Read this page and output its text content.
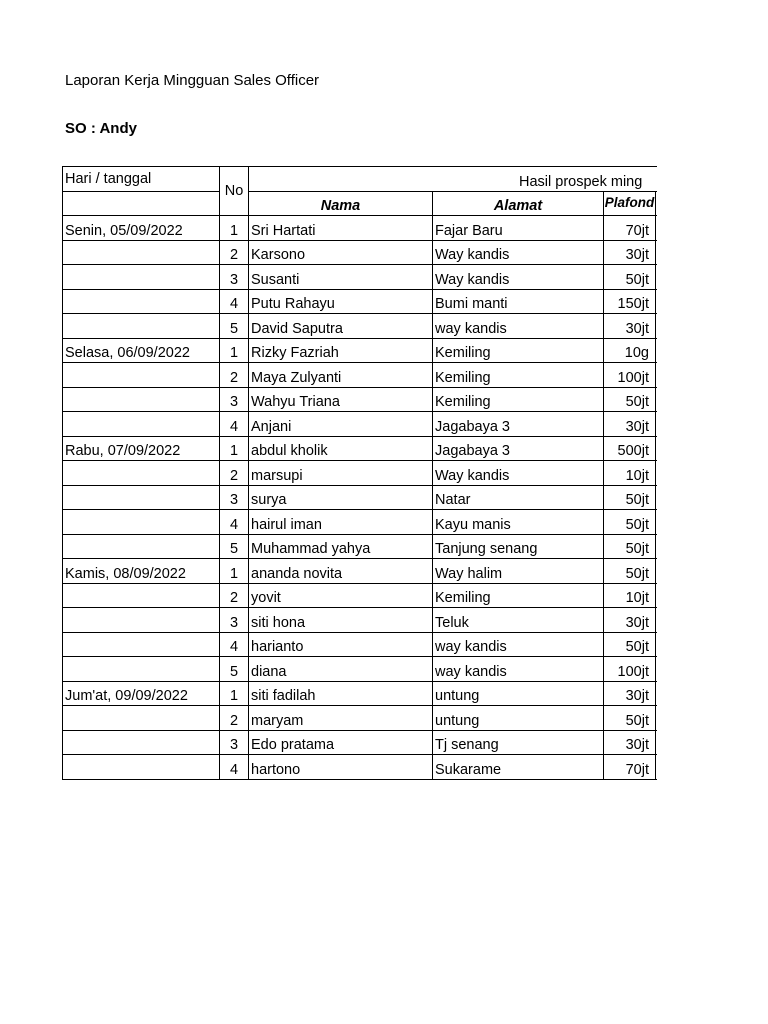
Laporan Kerja Mingguan Sales Officer
SO : Andy
Hari / tanggal	No	Hasil prospek ming			
		Nama	Alamat	Plafond	
Senin, 05/09/2022	1	Sri Hartati	Fajar Baru	70jt	
	2	Karsono	Way kandis	30jt	
	3	Susanti	Way kandis	50jt	
	4	Putu Rahayu	Bumi manti	150jt	
	5	David Saputra	way kandis	30jt	
Selasa, 06/09/2022	1	Rizky Fazriah	Kemiling	10g	
	2	Maya Zulyanti	Kemiling	100jt	
	3	Wahyu Triana	Kemiling	50jt	
	4	Anjani	Jagabaya 3	30jt	
Rabu, 07/09/2022	1	abdul kholik	Jagabaya 3	500jt	
	2	marsupi	Way kandis	10jt	
	3	surya	Natar	50jt	
	4	hairul iman	Kayu manis	50jt	
	5	Muhammad yahya	Tanjung senang	50jt	
Kamis, 08/09/2022	1	ananda novita	Way halim	50jt	
	2	yovit	Kemiling	10jt	
	3	siti hona	Teluk	30jt	
	4	harianto	way kandis	50jt	
	5	diana	way kandis	100jt	
Jum'at, 09/09/2022	1	siti fadilah	untung	30jt	
	2	maryam	untung	50jt	
	3	Edo pratama	Tj senang	30jt	
	4	hartono	Sukarame	70jt	
